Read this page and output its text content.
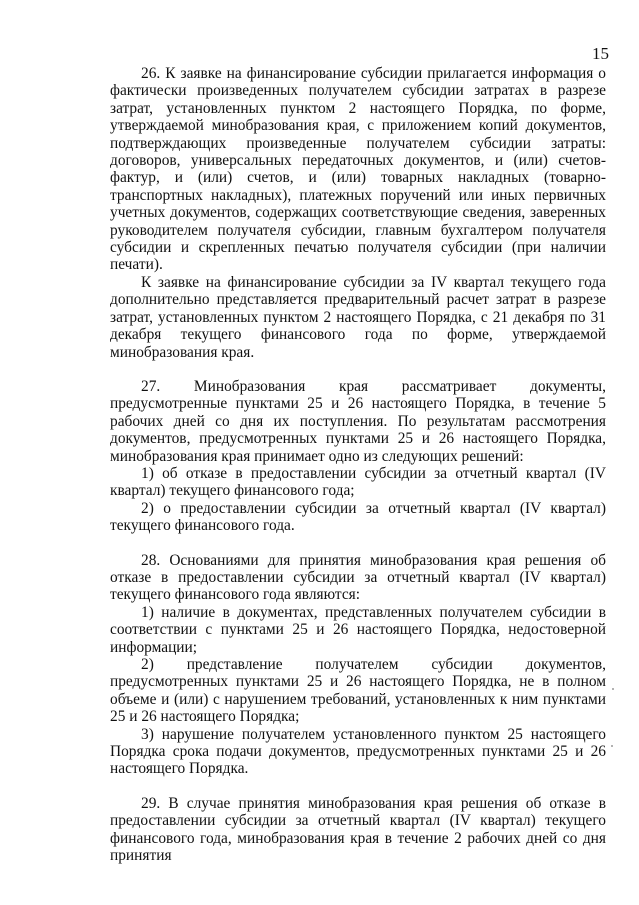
15

26. К заявке на финансирование субсидии прилагается информация о фактически произведенных получателем субсидии затратах в разрезе затрат, установленных пунктом 2 настоящего Порядка, по форме, утверждаемой минобразования края, с приложением копий документов, подтверждающих произведенные получателем субсидии затраты: договоров, универсальных передаточных документов, и (или) счетов-фактур, и (или) счетов, и (или) товарных накладных (товарно-транспортных накладных), платежных поручений или иных первичных учетных документов, содержащих соответствующие сведения, заверенных руководителем получателя субсидии, главным бухгалтером получателя субсидии и скрепленных печатью получателя субсидии (при наличии печати).

К заявке на финансирование субсидии за IV квартал текущего года дополнительно представляется предварительный расчет затрат в разрезе затрат, установленных пунктом 2 настоящего Порядка, с 21 декабря по 31 декабря текущего финансового года по форме, утверждаемой минобразования края.

27. Минобразования края рассматривает документы, предусмотренные пунктами 25 и 26 настоящего Порядка, в течение 5 рабочих дней со дня их поступления. По результатам рассмотрения документов, предусмотренных пунктами 25 и 26 настоящего Порядка, минобразования края принимает одно из следующих решений:

1) об отказе в предоставлении субсидии за отчетный квартал (IV квартал) текущего финансового года;

2) о предоставлении субсидии за отчетный квартал (IV квартал) текущего финансового года.

28. Основаниями для принятия минобразования края решения об отказе в предоставлении субсидии за отчетный квартал (IV квартал) текущего финансового года являются:

1) наличие в документах, представленных получателем субсидии в соответствии с пунктами 25 и 26 настоящего Порядка, недостоверной информации;

2) представление получателем субсидии документов, предусмотренных пунктами 25 и 26 настоящего Порядка, не в полном объеме и (или) с нарушением требований, установленных к ним пунктами 25 и 26 настоящего Порядка;

3) нарушение получателем установленного пунктом 25 настоящего Порядка срока подачи документов, предусмотренных пунктами 25 и 26 настоящего Порядка.

29. В случае принятия минобразования края решения об отказе в предоставлении субсидии за отчетный квартал (IV квартал) текущего финансового года, минобразования края в течение 2 рабочих дней со дня принятия
